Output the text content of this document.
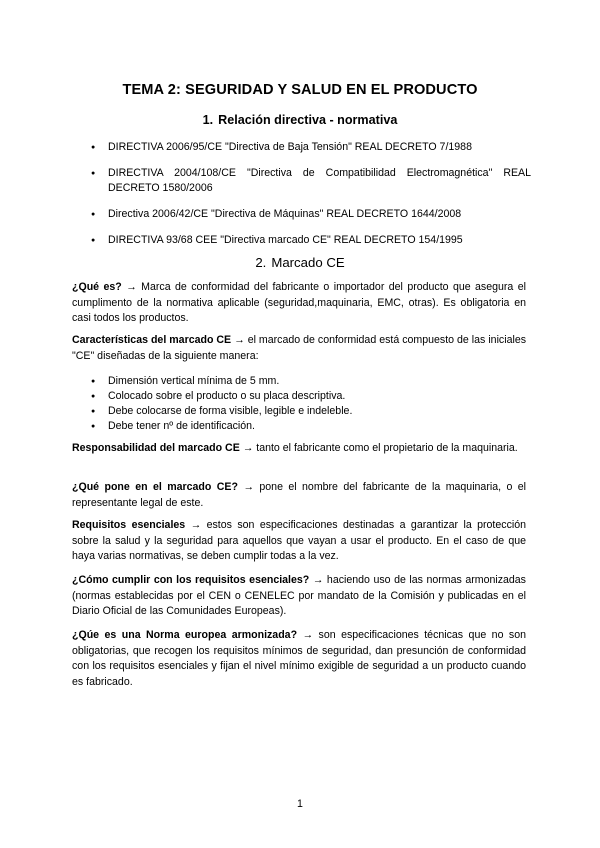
TEMA 2: SEGURIDAD Y SALUD EN EL PRODUCTO
1. Relación directiva - normativa
● DIRECTIVA 2006/95/CE "Directiva de Baja Tensión" REAL DECRETO 7/1988
● DIRECTIVA 2004/108/CE "Directiva de Compatibilidad Electromagnética" REAL DECRETO 1580/2006
● Directiva 2006/42/CE "Directiva de Máquinas" REAL DECRETO 1644/2008
● DIRECTIVA 93/68 CEE "Directiva marcado CE" REAL DECRETO 154/1995
2. Marcado CE

¿Qué es? → Marca de conformidad del fabricante o importador del producto que asegura el cumplimento de la normativa aplicable (seguridad,maquinaria, EMC, otras). Es obligatoria en casi todos los productos.

Características del marcado CE → el marcado de conformidad está compuesto de las iniciales "CE" diseñadas de la siguiente manera:

● Dimensión vertical mínima de 5 mm.
● Colocado sobre el producto o su placa descriptiva.
● Debe colocarse de forma visible, legible e indeleble.
● Debe tener nº de identificación.

Responsabilidad del marcado CE → tanto el fabricante como el propietario de la maquinaria.

¿Qué pone en el marcado CE? → pone el nombre del fabricante de la maquinaria, o el representante legal de este.

Requisitos esenciales → estos son especificaciones destinadas a garantizar la protección sobre la salud y la seguridad para aquellos que vayan a usar el producto. En el caso de que haya varias normativas, se deben cumplir todas a la vez.

¿Cómo cumplir con los requisitos esenciales? → haciendo uso de las normas armonizadas (normas establecidas por el CEN o CENELEC por mandato de la Comisión y publicadas en el Diario Oficial de las Comunidades Europeas).

¿Qúe es una Norma europea armonizada? → son especificaciones técnicas que no son obligatorias, que recogen los requisitos mínimos de seguridad, dan presunción de conformidad con los requisitos esenciales y fijan el nivel mínimo exigible de seguridad a un producto cuando es fabricado.

1
